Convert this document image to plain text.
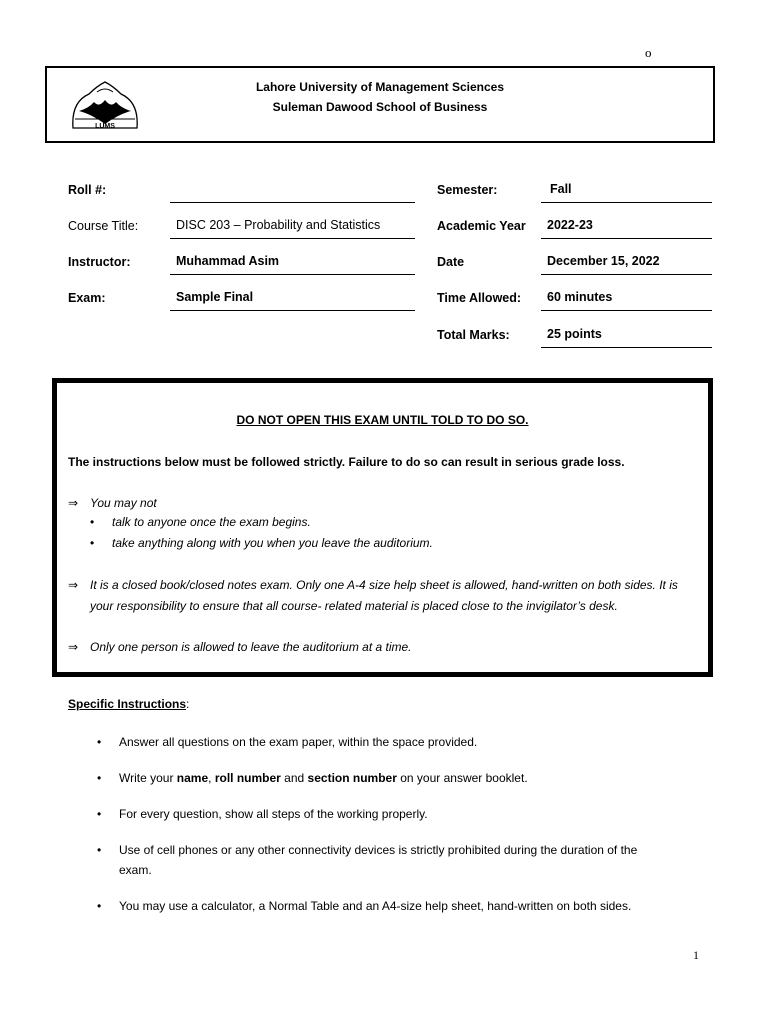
o
LUMS
Lahore University of Management Sciences
Suleman Dawood School of Business
Roll #:
Course Title:	DISC 203 – Probability and Statistics
Instructor:	Muhammad Asim
Exam:	Sample Final
Semester:	Fall
Academic Year	2022-23
Date	December 15, 2022
Time Allowed:	60 minutes
Total Marks:	25 points
DO NOT OPEN THIS EXAM UNTIL TOLD TO DO SO.
The instructions below must be followed strictly. Failure to do so can result in serious grade loss.
⇒ You may not
• talk to anyone once the exam begins.
• take anything along with you when you leave the auditorium.
⇒ It is a closed book/closed notes exam. Only one A-4 size help sheet is allowed, hand-written on both sides. It is your responsibility to ensure that all course- related material is placed close to the invigilator’s desk.
⇒ Only one person is allowed to leave the auditorium at a time.
Specific Instructions:
• Answer all questions on the exam paper, within the space provided.
• Write your name, roll number and section number on your answer booklet.
• For every question, show all steps of the working properly.
• Use of cell phones or any other connectivity devices is strictly prohibited during the duration of the exam.
• You may use a calculator, a Normal Table and an A4-size help sheet, hand-written on both sides.
1
